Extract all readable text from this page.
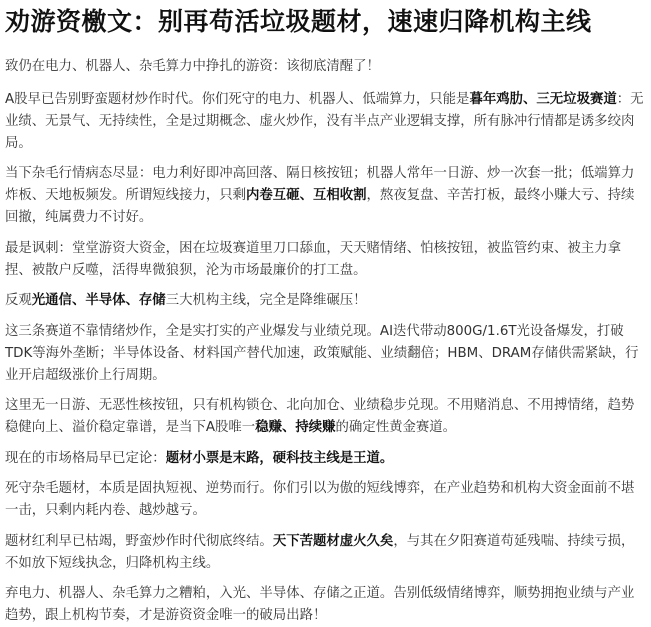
劝游资檄文：别再苟活垃圾题材，速速归降机构主线

致仍在电力、机器人、杂毛算力中挣扎的游资：该彻底清醒了！

A股早已告别野蛮题材炒作时代。你们死守的电力、机器人、低端算力，只能是暮年鸡肋、三无垃圾赛道：无业绩、无景气、无持续性，全是过期概念、虚火炒作，没有半点产业逻辑支撑，所有脉冲行情都是诱多绞肉局。

当下杂毛行情病态尽显：电力利好即冲高回落、隔日核按钮；机器人常年一日游、炒一次套一批；低端算力炸板、天地板频发。所谓短线接力，只剩内卷互砸、互相收割，熬夜复盘、辛苦打板，最终小赚大亏、持续回撤，纯属费力不讨好。

最是讽刺：堂堂游资大资金，困在垃圾赛道里刀口舔血，天天赌情绪、怕核按钮，被监管约束、被主力拿捏、被散户反噬，活得卑微狼狈，沦为市场最廉价的打工盘。

反观光通信、半导体、存储三大机构主线，完全是降维碾压！

这三条赛道不靠情绪炒作，全是实打实的产业爆发与业绩兑现。AI迭代带动800G/1.6T光设备爆发，打破TDK等海外垄断；半导体设备、材料国产替代加速，政策赋能、业绩翻倍；HBM、DRAM存储供需紧缺，行业开启超级涨价上行周期。

这里无一日游、无恶性核按钮，只有机构锁仓、北向加仓、业绩稳步兑现。不用赌消息、不用搏情绪，趋势稳健向上、溢价稳定靠谱，是当下A股唯一稳赚、持续赚的确定性黄金赛道。

现在的市场格局早已定论：题材小票是末路，硬科技主线是王道。

死守杂毛题材，本质是固执短视、逆势而行。你们引以为傲的短线博弈，在产业趋势和机构大资金面前不堪一击，只剩内耗内卷、越炒越亏。

题材红利早已枯竭，野蛮炒作时代彻底终结。天下苦题材虚火久矣，与其在夕阳赛道苟延残喘、持续亏损，不如放下短线执念，归降机构主线。

弃电力、机器人、杂毛算力之糟粕，入光、半导体、存储之正道。告别低级情绪博弈，顺势拥抱业绩与产业趋势，跟上机构节奏，才是游资资金唯一的破局出路！
